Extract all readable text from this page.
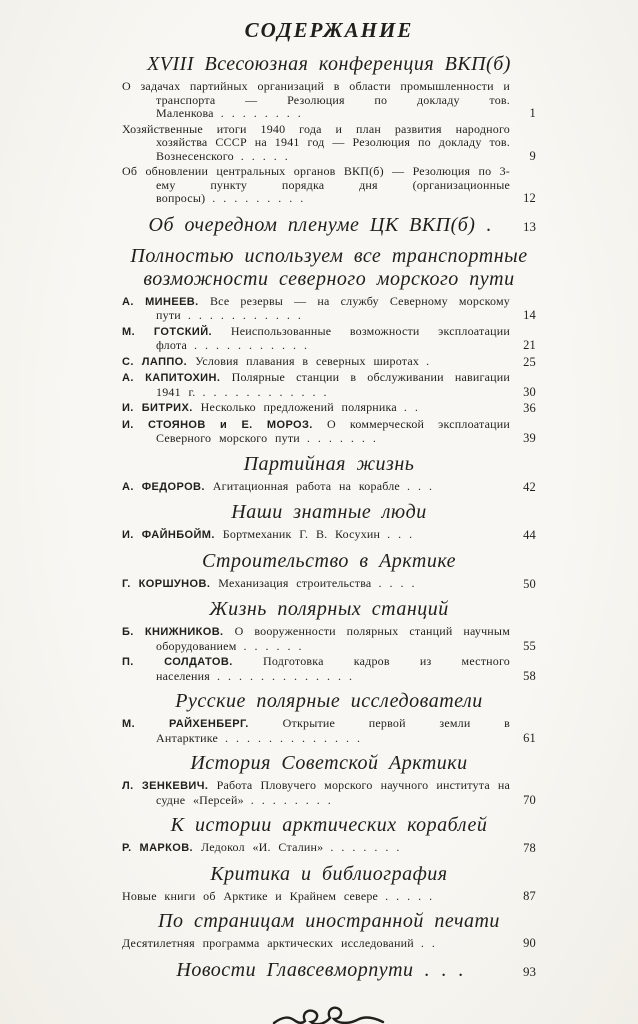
СОДЕРЖАНИЕ
XVIII Всесоюзная конференция ВКП(б)
О задачах партийных организаций в области промышленности и транспорта — Резолюция по докладу тов. Маленкова . . . . . . . .	1
Хозяйственные итоги 1940 года и план развития народного хозяйства СССР на 1941 год — Резолюция по докладу тов. Вознесенского . . . . .	9
Об обновлении центральных органов ВКП(б) — Резолюция по 3-ему пункту порядка дня (организационные вопросы) . . . . . . . . .	12
Об очередном пленуме ЦК ВКП(б) .	13
Полностью используем все транспортные возможности северного морского пути
А. МИНЕЕВ. Все резервы — на службу Северному морскому пути . . . . . . . . . . .	14
М. ГОТСКИЙ. Неиспользованные возможности эксплоатации флота . . . . . . . . . . .	21
С. ЛАППО. Условия плавания в северных широтах .	25
А. КАПИТОХИН. Полярные станции в обслуживании навигации 1941 г. . . . . . . . . . . . .	30
И. БИТРИХ. Несколько предложений полярника . .	36
И. СТОЯНОВ и Е. МОРОЗ. О коммерческой эксплоатации Северного морского пути . . . . . . .	39
Партийная жизнь
А. ФЕДОРОВ. Агитационная работа на корабле . . .	42
Наши знатные люди
И. ФАЙНБОЙМ. Бортмеханик Г. В. Косухин . . .	44
Строительство в Арктике
Г. КОРШУНОВ. Механизация строительства . . . .	50
Жизнь полярных станций
Б. КНИЖНИКОВ. О вооруженности полярных станций научным оборудованием . . . . . .	55
П. СОЛДАТОВ. Подготовка кадров из местного населения . . . . . . . . . . . . .	58
Русские полярные исследователи
М. РАЙХЕНБЕРГ. Открытие первой земли в Антарктике . . . . . . . . . . . . .	61
История Советской Арктики
Л. ЗЕНКЕВИЧ. Работа Пловучего морского научного института на судне «Персей» . . . . . . . .	70
К истории арктических кораблей
Р. МАРКОВ. Ледокол «И. Сталин» . . . . . . .	78
Критика и библиография
Новые книги об Арктике и Крайнем севере . . . . .	87
По страницам иностранной печати
Десятилетняя программа арктических исследований . .	90
Новости Главсевморпути . . .	93
